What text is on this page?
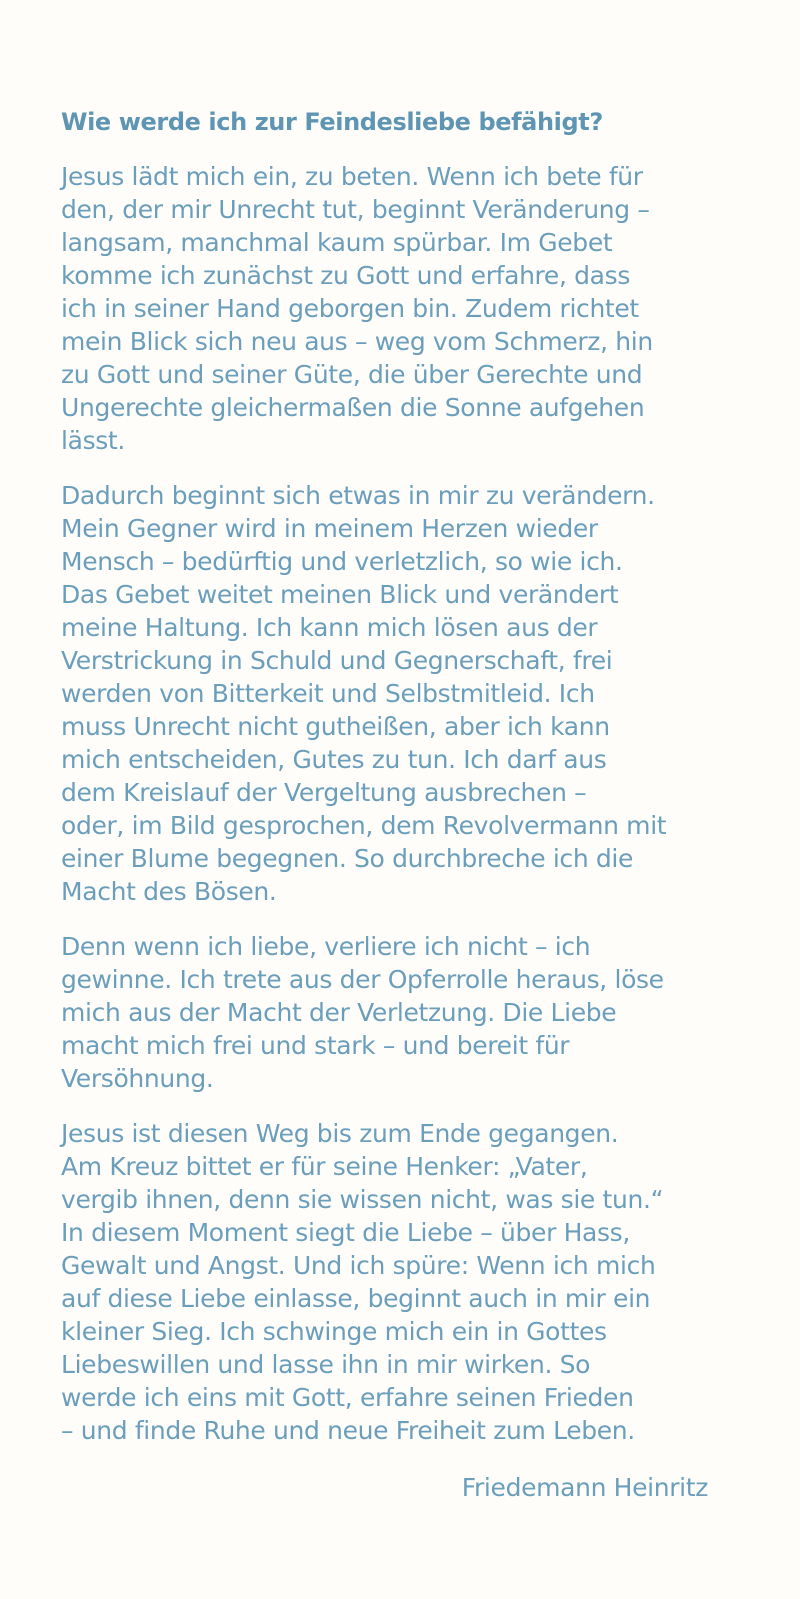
Wie werde ich zur Feindesliebe befähigt?

Jesus lädt mich ein, zu beten. Wenn ich bete für
den, der mir Unrecht tut, beginnt Veränderung –
langsam, manchmal kaum spürbar. Im Gebet
komme ich zunächst zu Gott und erfahre, dass
ich in seiner Hand geborgen bin. Zudem richtet
mein Blick sich neu aus – weg vom Schmerz, hin
zu Gott und seiner Güte, die über Gerechte und
Ungerechte gleichermaßen die Sonne aufgehen
lässt.

Dadurch beginnt sich etwas in mir zu verändern.
Mein Gegner wird in meinem Herzen wieder
Mensch – bedürftig und verletzlich, so wie ich.
Das Gebet weitet meinen Blick und verändert
meine Haltung. Ich kann mich lösen aus der
Verstrickung in Schuld und Gegnerschaft, frei
werden von Bitterkeit und Selbstmitleid. Ich
muss Unrecht nicht gutheißen, aber ich kann
mich entscheiden, Gutes zu tun. Ich darf aus
dem Kreislauf der Vergeltung ausbrechen –
oder, im Bild gesprochen, dem Revolvermann mit
einer Blume begegnen. So durchbreche ich die
Macht des Bösen.

Denn wenn ich liebe, verliere ich nicht – ich
gewinne. Ich trete aus der Opferrolle heraus, löse
mich aus der Macht der Verletzung. Die Liebe
macht mich frei und stark – und bereit für
Versöhnung.

Jesus ist diesen Weg bis zum Ende gegangen.
Am Kreuz bittet er für seine Henker: „Vater,
vergib ihnen, denn sie wissen nicht, was sie tun.“
In diesem Moment siegt die Liebe – über Hass,
Gewalt und Angst. Und ich spüre: Wenn ich mich
auf diese Liebe einlasse, beginnt auch in mir ein
kleiner Sieg. Ich schwinge mich ein in Gottes
Liebeswillen und lasse ihn in mir wirken. So
werde ich eins mit Gott, erfahre seinen Frieden
– und finde Ruhe und neue Freiheit zum Leben.

Friedemann Heinritz
